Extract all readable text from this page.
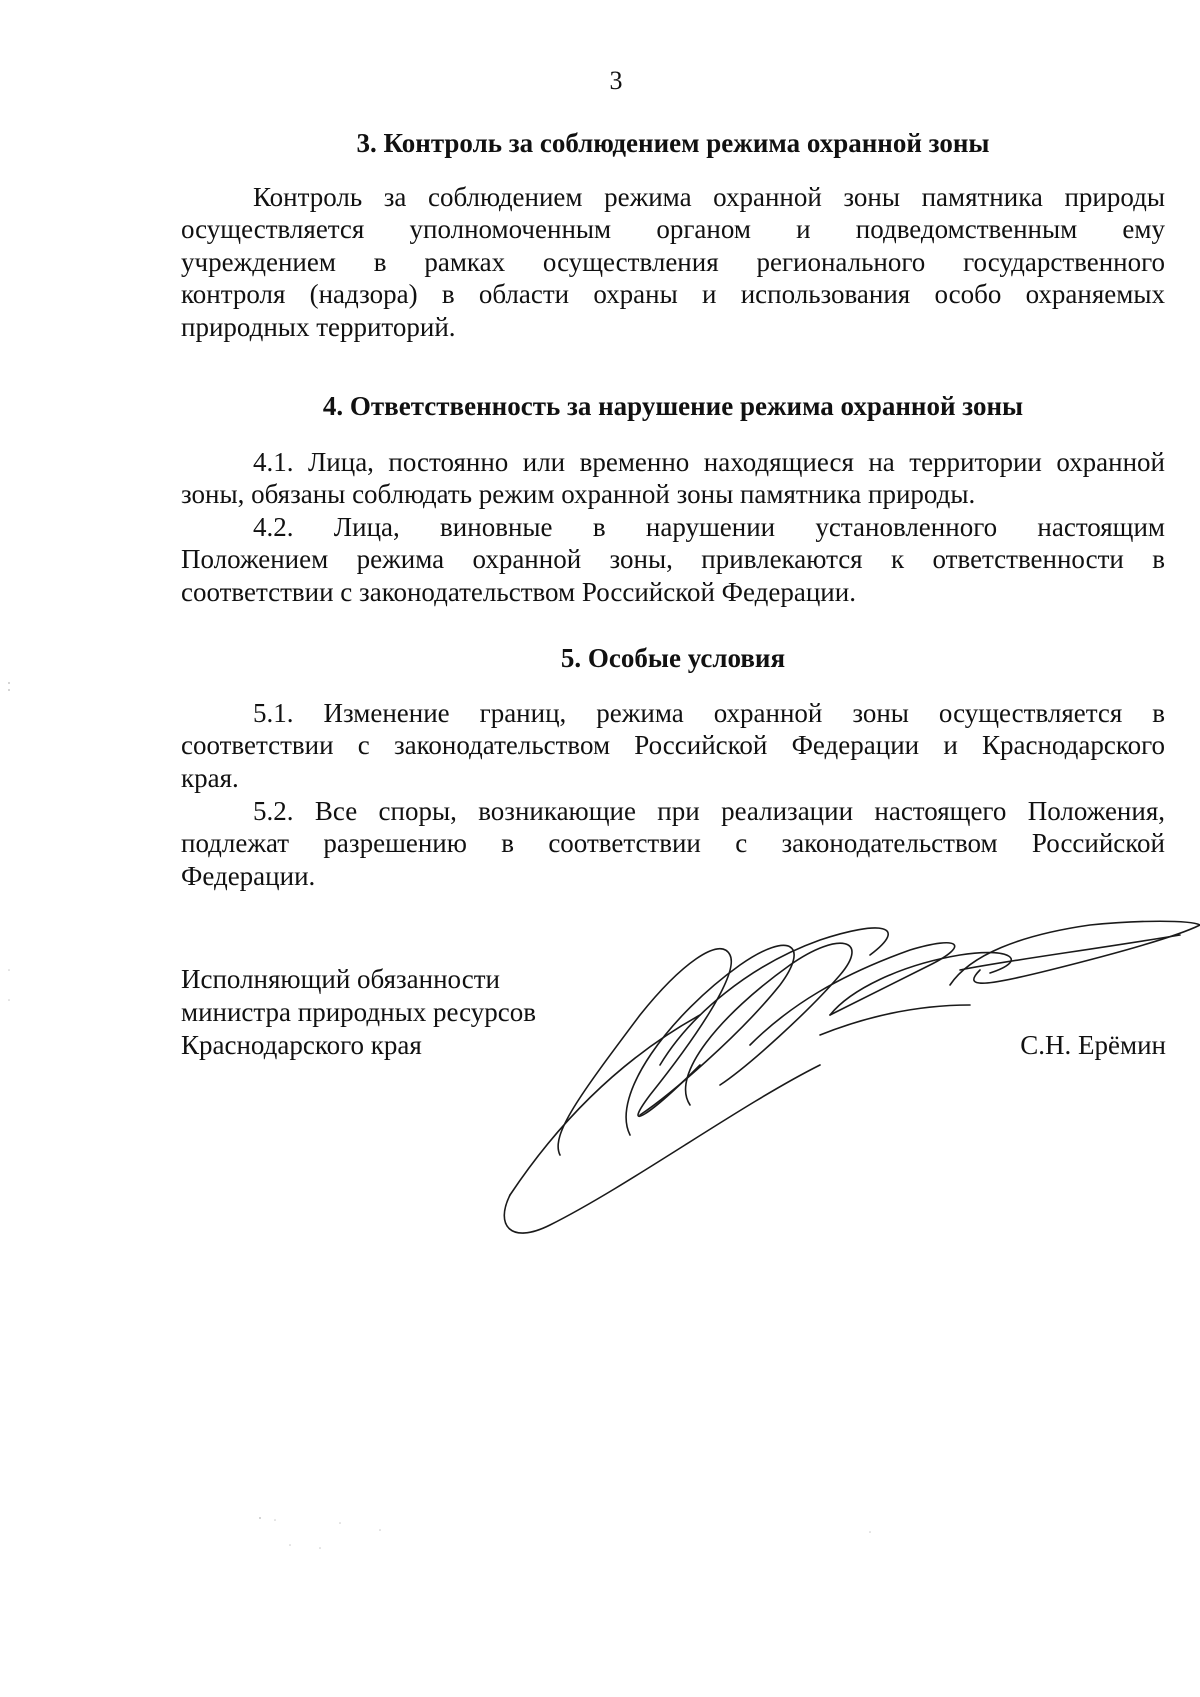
3
3. Контроль за соблюдением режима охранной зоны
Контроль за соблюдением режима охранной зоны памятника природы
осуществляется уполномоченным органом и подведомственным ему
учреждением в рамках осуществления регионального государственного
контроля (надзора) в области охраны и использования особо охраняемых
природных территорий.
4. Ответственность за нарушение режима охранной зоны
4.1. Лица, постоянно или временно находящиеся на территории охранной
зоны, обязаны соблюдать режим охранной зоны памятника природы.
4.2. Лица, виновные в нарушении установленного настоящим
Положением режима охранной зоны, привлекаются к ответственности в
соответствии с законодательством Российской Федерации.
5. Особые условия
5.1. Изменение границ, режима охранной зоны осуществляется в
соответствии с законодательством Российской Федерации и Краснодарского
края.
5.2. Все споры, возникающие при реализации настоящего Положения,
подлежат разрешению в соответствии с законодательством Российской
Федерации.
Исполняющий обязанности
министра природных ресурсов
Краснодарского края	С.Н. Ерёмин
